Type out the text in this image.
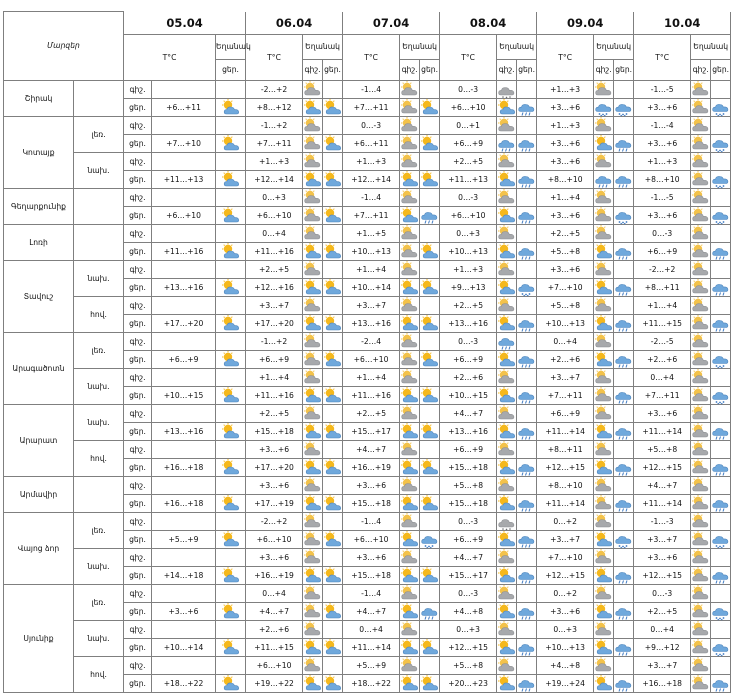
Մարզեր		05.04			06.04			07.04			08.04			09.04			10.04		
		T°C		Եղանակ	T°C	Եղանակ		T°C	Եղանակ		T°C	Եղանակ		T°C	Եղանակ		T°C	Եղանակ	
				ցեր.		գիշ.	ցեր.		գիշ.	ցեր.		գիշ.	ցեր.		գիշ.	ցեր.		գիշ.	ցեր.
Շիրակ		գիշ.			-2…+2			-1…4			0…-3			+1…+3			-1…-5	

		ցեր.	+6…+11		+8…+12			+7…+11			+6…+10			+3…+6			+3…+6	

Կոտայք	լեռ.	գիշ.			-1…+2			0…-3			0…+1			+1…+3			-1…-4	

		ցեր.	+7…+10		+7…+11			+6…+11			+6…+9			+3…+6			+3…+6	

	նախ.	գիշ.			+1…+3			+1…+3			+2…+5			+3…+6			+1…+3	

		ցեր.	+11…+13		+12…+14			+12…+14			+11…+13			+8…+10			+8…+10	

Գեղարքունիք		գիշ.			0…+3			-1…4			0…-3			+1…+4			-1…-5	

		ցեր.	+6…+10		+6…+10			+7…+11			+6…+10			+3…+6			+3…+6	

Լոռի		գիշ.			0…+4			+1…+5			0…+3			+2…+5			0…-3	

		ցեր.	+11…+16		+11…+16			+10…+13			+10…+13			+5…+8			+6…+9	

Տավուշ	նախ.	գիշ.			+2…+5			+1…+4			+1…+3			+3…+6			-2…+2	

		ցեր.	+13…+16		+12…+16			+10…+14			+9…+13			+7…+10			+8…+11	

	հով.	գիշ.			+3…+7			+3…+7			+2…+5			+5…+8			+1…+4	

		ցեր.	+17…+20		+17…+20			+13…+16			+13…+16			+10…+13			+11…+15	

Արագածոտն	լեռ.	գիշ.			-1…+2			-2…4			0…-3			0…+4			-2…-5	

		ցեր.	+6…+9		+6…+9			+6…+10			+6…+9			+2…+6			+2…+6	

	նախ.	գիշ.			+1…+4			+1…+4			+2…+6			+3…+7			0…+4	

		ցեր.	+10…+15		+11…+16			+11…+16			+10…+15			+7…+11			+7…+11	

Արարատ	նախ.	գիշ.			+2…+5			+2…+5			+4…+7			+6…+9			+3…+6	

		ցեր.	+13…+16		+15…+18			+15…+17			+13…+16			+11…+14			+11…+14	

	հով.	գիշ.			+3…+6			+4…+7			+6…+9			+8…+11			+5…+8	

		ցեր.	+16…+18		+17…+20			+16…+19			+15…+18			+12…+15			+12…+15	

Արմավիր		գիշ.			+3…+6			+3…+6			+5…+8			+8…+10			+4…+7	

		ցեր.	+16…+18		+17…+19			+15…+18			+15…+18			+11…+14			+11…+14	

Վայոց ձոր	լեռ.	գիշ.			-2…+2			-1…4			0…-3			0…+2			-1…-3	

		ցեր.	+5…+9		+6…+10			+6…+10			+6…+9			+3…+7			+3…+7	

	նախ.	գիշ.			+3…+6			+3…+6			+4…+7			+7…+10			+3…+6	

		ցեր.	+14…+18		+16…+19			+15…+18			+15…+17			+12…+15			+12…+15	

Սյունիք	լեռ.	գիշ.			0…+4			-1…4			0…-3			0…+2			0…-3	

		ցեր.	+3…+6		+4…+7			+4…+7			+4…+8			+3…+6			+2…+5	

	նախ.	գիշ.			+2…+6			0…+4			0…+3			0…+3			0…+4	

		ցեր.	+10…+14		+11…+15			+11…+14			+12…+15			+10…+13			+9…+12	

	հով.	գիշ.			+6…+10			+5…+9			+5…+8			+4…+8			+3…+7	

		ցեր.	+18…+22		+19…+22			+18…+22			+20…+23			+19…+24			+16…+18	
